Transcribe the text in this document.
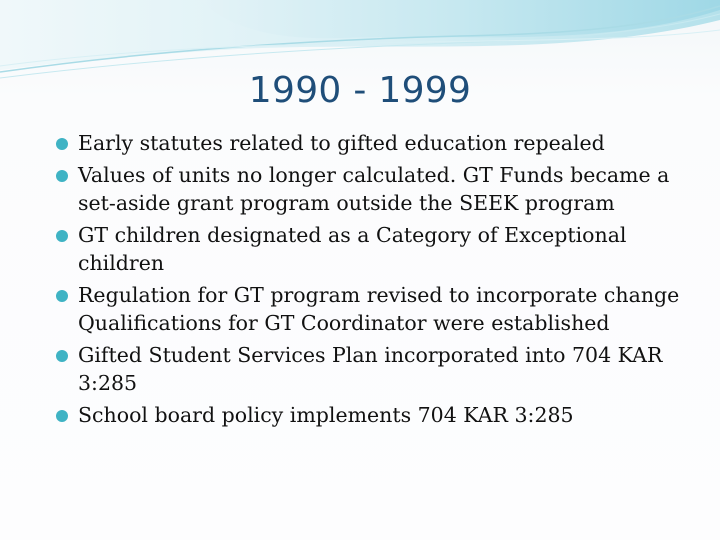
1990 - 1999
Early statutes related to gifted education repealed
Values of units no longer calculated. GT Funds became a set-aside grant program outside the SEEK program
GT children designated as a Category of Exceptional children
Regulation for GT program revised to incorporate change Qualifications for GT Coordinator were established
Gifted Student Services Plan incorporated into 704 KAR 3:285
School board policy implements 704 KAR 3:285
